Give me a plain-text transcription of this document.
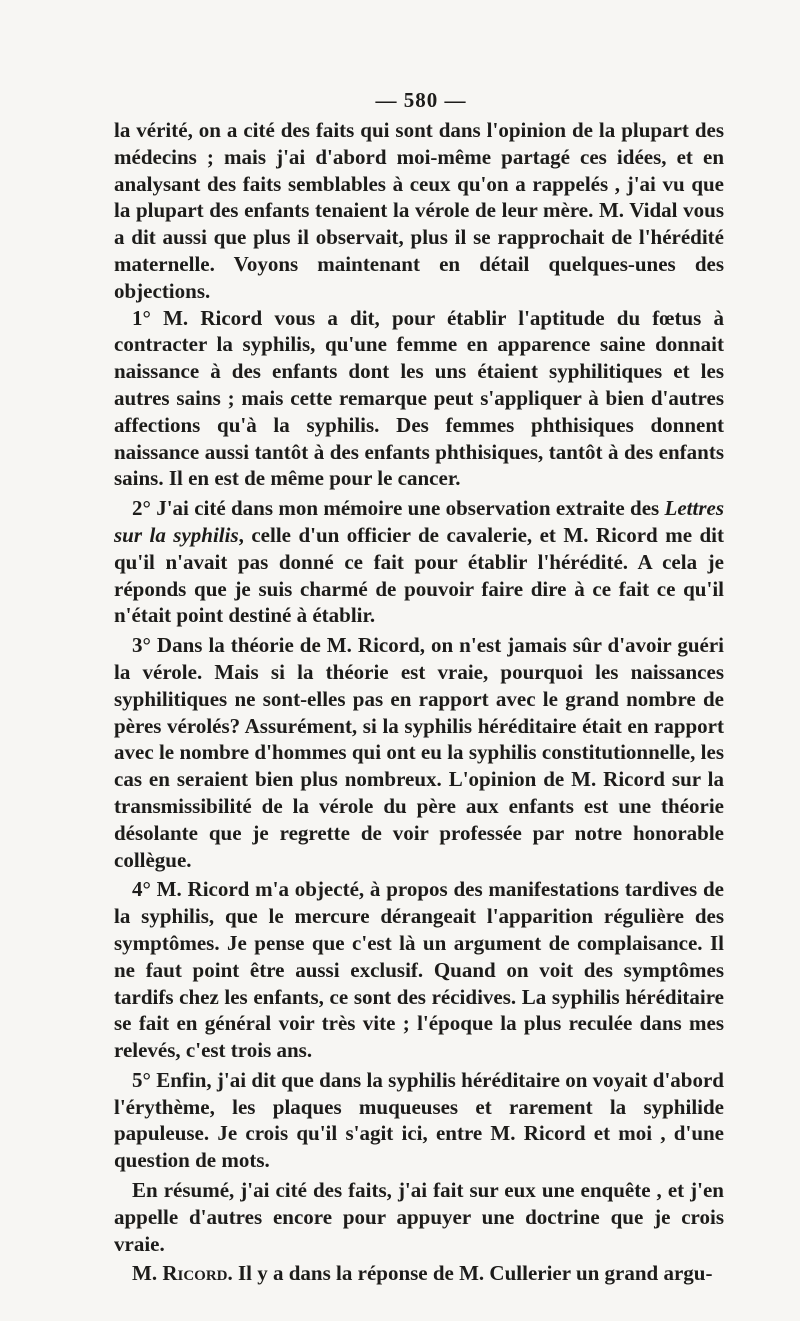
— 580 —

la vérité, on a cité des faits qui sont dans l'opinion de la plupart des médecins ; mais j'ai d'abord moi-même partagé ces idées, et en analysant des faits semblables à ceux qu'on a rappelés , j'ai vu que la plupart des enfants tenaient la vérole de leur mère. M. Vidal vous a dit aussi que plus il observait, plus il se rapprochait de l'hérédité maternelle. Voyons maintenant en détail quelques-unes des objections.

1° M. Ricord vous a dit, pour établir l'aptitude du fœtus à contracter la syphilis, qu'une femme en apparence saine donnait naissance à des enfants dont les uns étaient syphilitiques et les autres sains ; mais cette remarque peut s'appliquer à bien d'autres affections qu'à la syphilis. Des femmes phthisiques donnent naissance aussi tantôt à des enfants phthisiques, tantôt à des enfants sains. Il en est de même pour le cancer.

2° J'ai cité dans mon mémoire une observation extraite des Lettres sur la syphilis, celle d'un officier de cavalerie, et M. Ricord me dit qu'il n'avait pas donné ce fait pour établir l'hérédité. A cela je réponds que je suis charmé de pouvoir faire dire à ce fait ce qu'il n'était point destiné à établir.

3° Dans la théorie de M. Ricord, on n'est jamais sûr d'avoir guéri la vérole. Mais si la théorie est vraie, pourquoi les naissances syphilitiques ne sont-elles pas en rapport avec le grand nombre de pères vérolés? Assurément, si la syphilis héréditaire était en rapport avec le nombre d'hommes qui ont eu la syphilis constitutionnelle, les cas en seraient bien plus nombreux. L'opinion de M. Ricord sur la transmissibilité de la vérole du père aux enfants est une théorie désolante que je regrette de voir professée par notre honorable collègue.

4° M. Ricord m'a objecté, à propos des manifestations tardives de la syphilis, que le mercure dérangeait l'apparition régulière des symptômes. Je pense que c'est là un argument de complaisance. Il ne faut point être aussi exclusif. Quand on voit des symptômes tardifs chez les enfants, ce sont des récidives. La syphilis héréditaire se fait en général voir très vite ; l'époque la plus reculée dans mes relevés, c'est trois ans.

5° Enfin, j'ai dit que dans la syphilis héréditaire on voyait d'abord l'érythème, les plaques muqueuses et rarement la syphilide papuleuse. Je crois qu'il s'agit ici, entre M. Ricord et moi , d'une question de mots.

En résumé, j'ai cité des faits, j'ai fait sur eux une enquête , et j'en appelle d'autres encore pour appuyer une doctrine que je crois vraie.

M. Ricord. Il y a dans la réponse de M. Cullerier un grand argu-
